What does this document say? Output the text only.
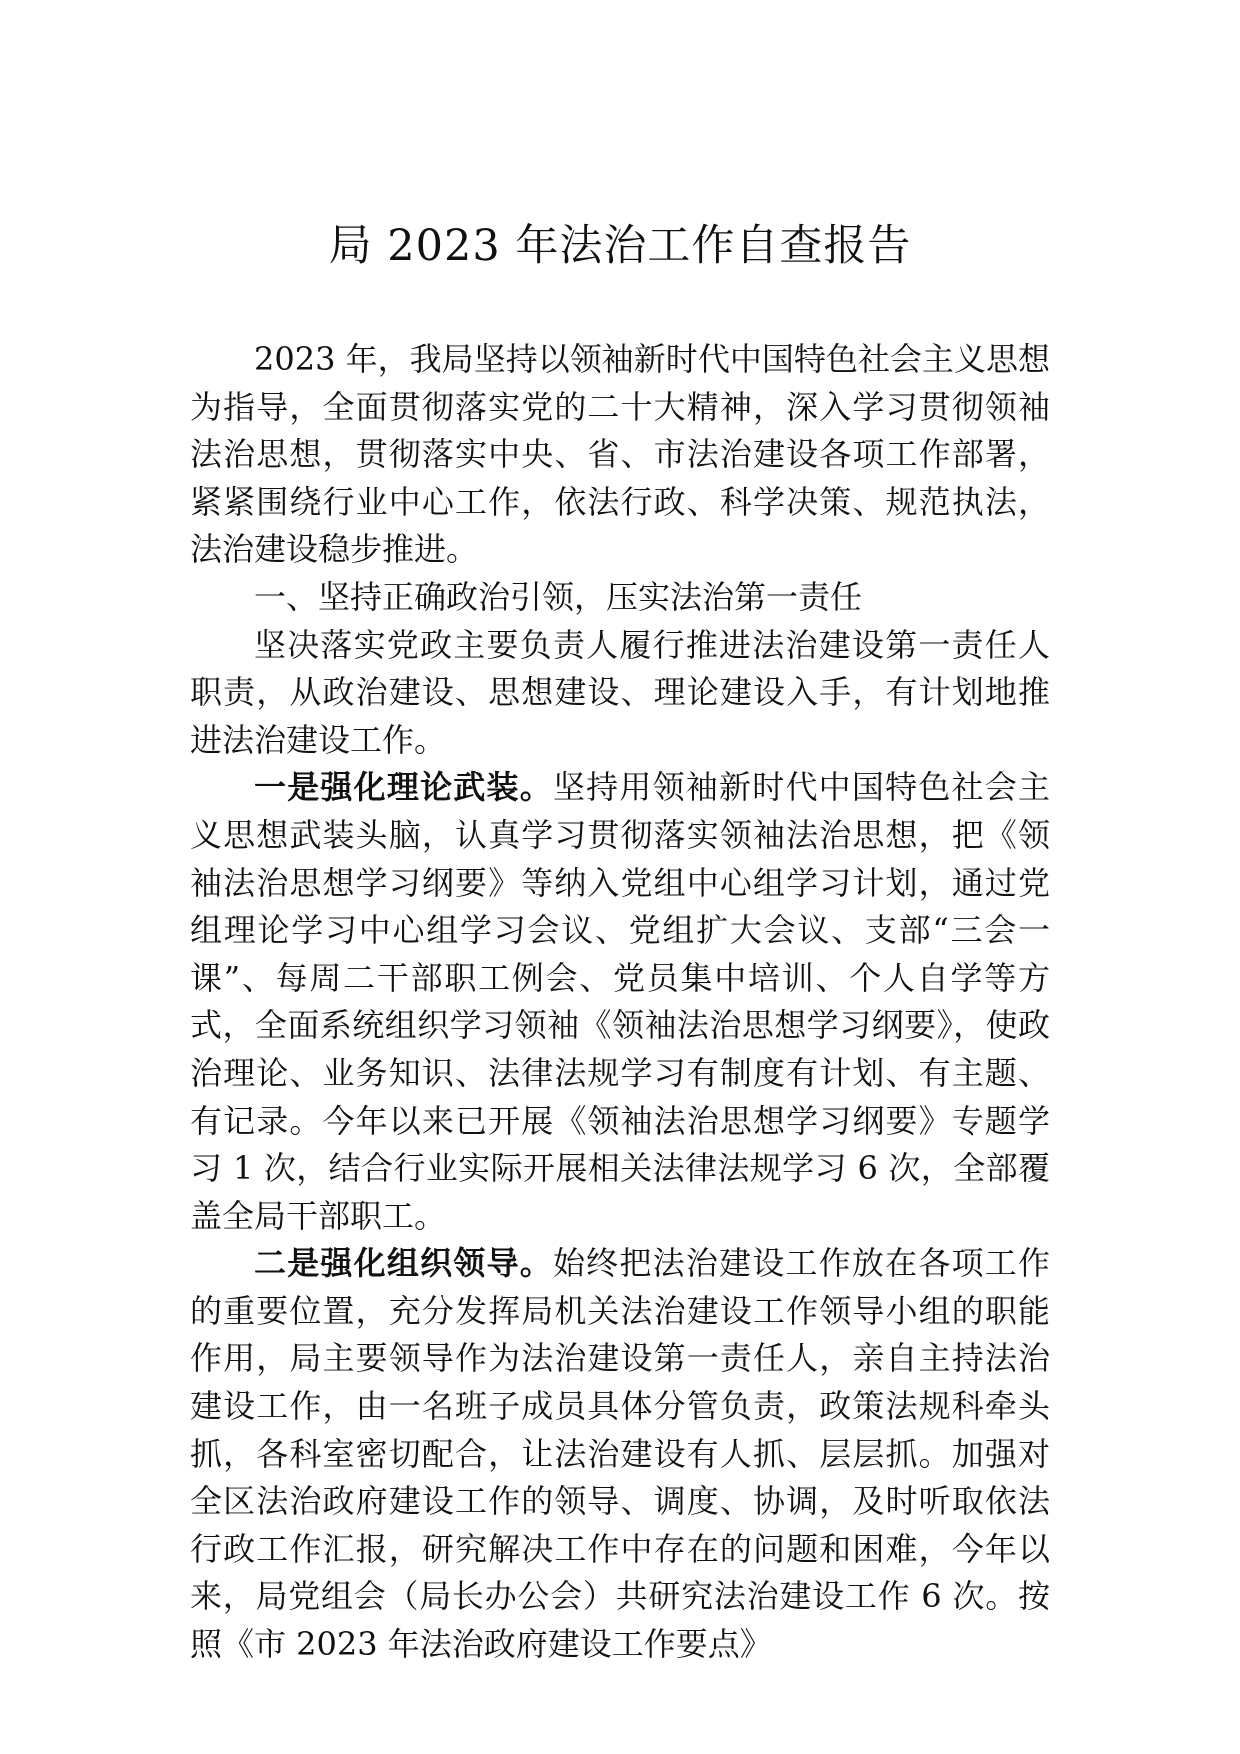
局 2023 年法治工作自查报告

2023 年，我局坚持以领袖新时代中国特色社会主义思想为指导，全面贯彻落实党的二十大精神，深入学习贯彻领袖法治思想，贯彻落实中央、省、市法治建设各项工作部署，紧紧围绕行业中心工作，依法行政、科学决策、规范执法，法治建设稳步推进。

一、坚持正确政治引领，压实法治第一责任

坚决落实党政主要负责人履行推进法治建设第一责任人职责，从政治建设、思想建设、理论建设入手，有计划地推进法治建设工作。

一是强化理论武装。坚持用领袖新时代中国特色社会主义思想武装头脑，认真学习贯彻落实领袖法治思想，把《领袖法治思想学习纲要》等纳入党组中心组学习计划，通过党组理论学习中心组学习会议、党组扩大会议、支部“三会一课”、每周二干部职工例会、党员集中培训、个人自学等方式，全面系统组织学习领袖《领袖法治思想学习纲要》，使政治理论、业务知识、法律法规学习有制度有计划、有主题、有记录。今年以来已开展《领袖法治思想学习纲要》专题学习 1 次，结合行业实际开展相关法律法规学习 6 次，全部覆盖全局干部职工。

二是强化组织领导。始终把法治建设工作放在各项工作的重要位置，充分发挥局机关法治建设工作领导小组的职能作用，局主要领导作为法治建设第一责任人，亲自主持法治建设工作，由一名班子成员具体分管负责，政策法规科牵头抓，各科室密切配合，让法治建设有人抓、层层抓。加强对全区法治政府建设工作的领导、调度、协调，及时听取依法行政工作汇报，研究解决工作中存在的问题和困难，今年以来，局党组会（局长办公会）共研究法治建设工作 6 次。按照《市 2023 年法治政府建设工作要点》
